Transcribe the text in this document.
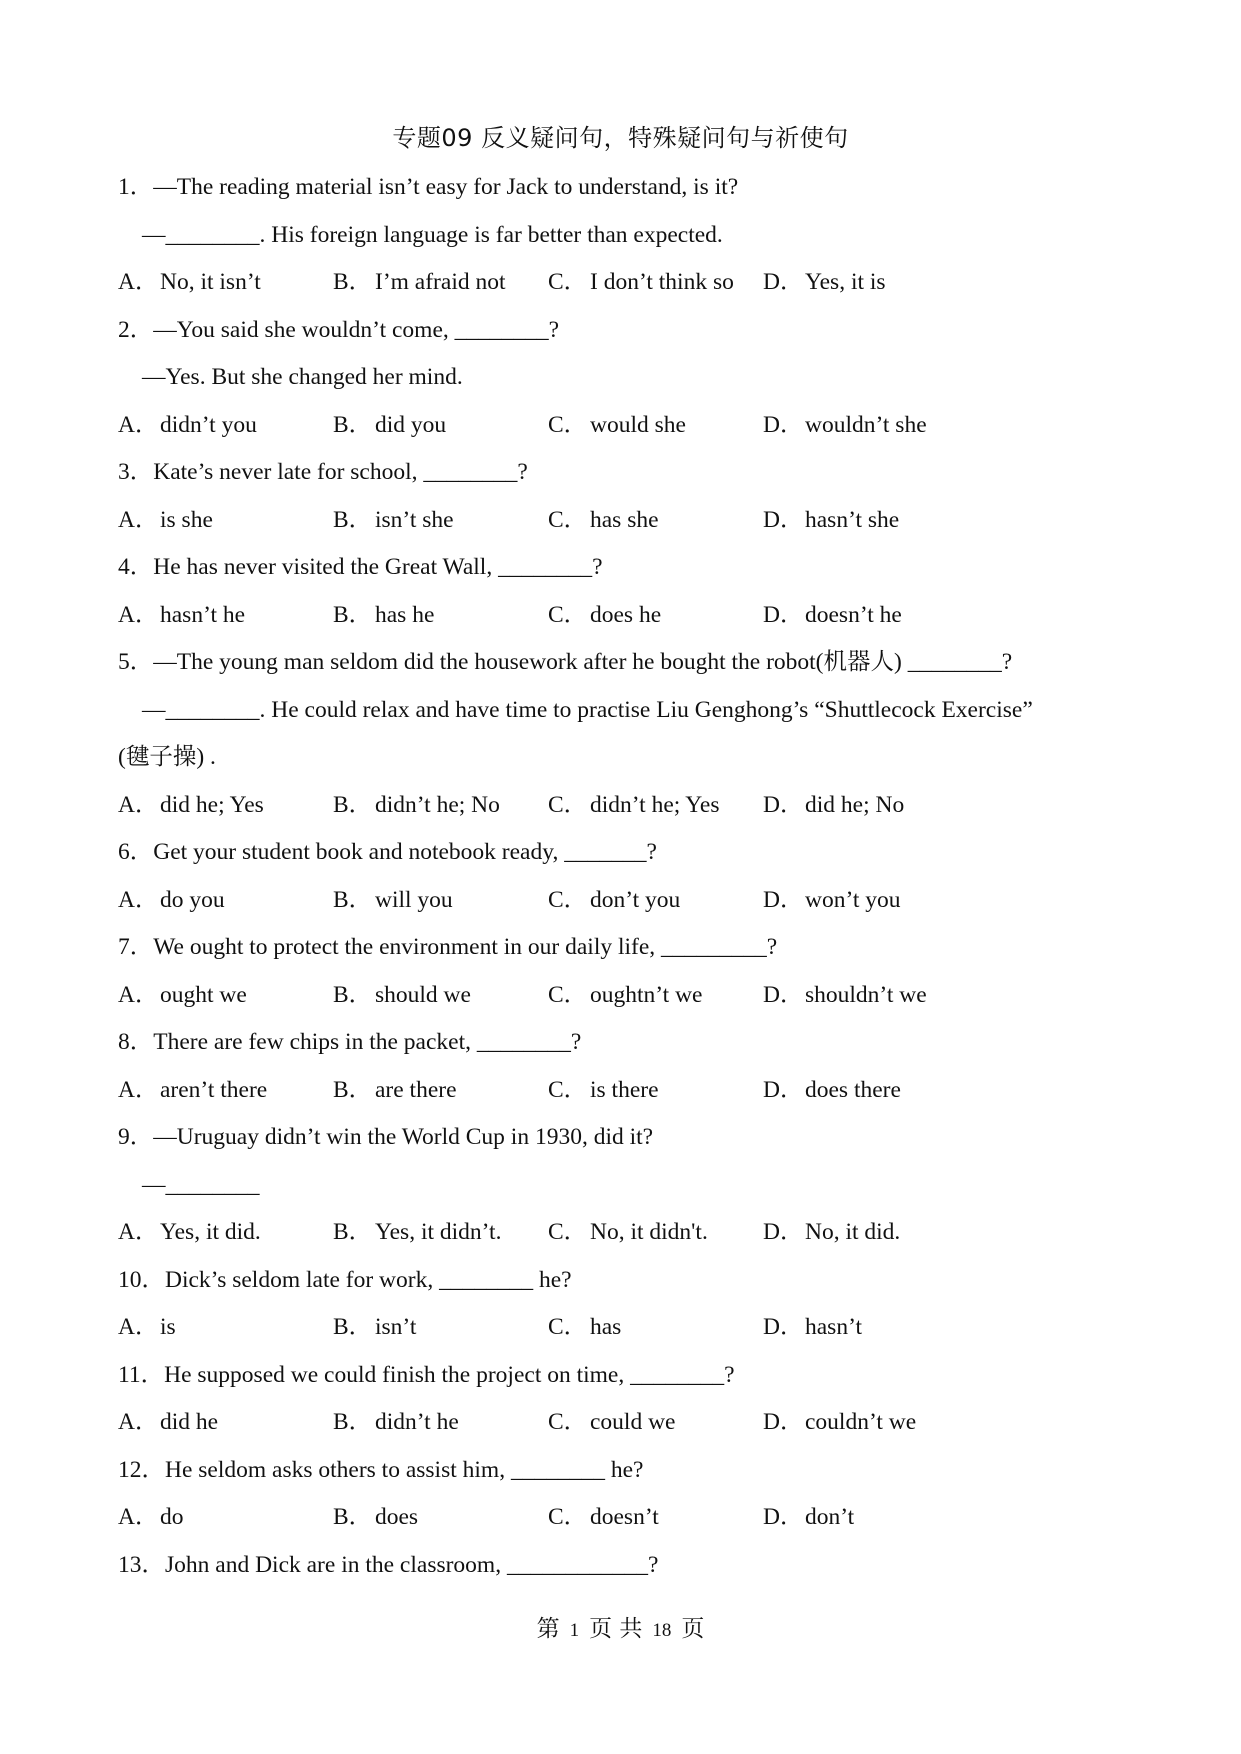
专题09 反义疑问句，特殊疑问句与祈使句
1．—The reading material isn’t easy for Jack to understand, is it?
—________. His foreign language is far better than expected.
A．No, it isn’t	B． I’m afraid not	C． I don’t think so	D．Yes, it is
2．—You said she wouldn’t come, ________?
—Yes. But she changed her mind.
A．didn’t you	B． did you	C． would she	D．wouldn’t she
3．Kate’s never late for school, ________?
A．is she	B． isn’t she	C． has she	D．hasn’t she
4．He has never visited the Great Wall, ________?
A．hasn’t he	B． has he	C． does he	D．doesn’t he
5．—The young man seldom did the housework after he bought the robot(机器人) ________?
—________. He could relax and have time to practise Liu Genghong’s “Shuttlecock Exercise”
(毽子操) .
A．did he; Yes	B． didn’t he; No	C． didn’t he; Yes	D．did he; No
6．Get your student book and notebook ready, _______?
A．do you	B． will you	C． don’t you	D．won’t you
7．We ought to protect the environment in our daily life, _________?
A．ought we	B． should we	C． oughtn’t we	D．shouldn’t we
8．There are few chips in the packet, ________?
A．aren’t there	B． are there	C． is there	D．does there
9．—Uruguay didn’t win the World Cup in 1930, did it?
—________
A．Yes, it did.	B． Yes, it didn’t.	C． No, it didn't.	D．No, it did.
10．Dick’s seldom late for work, ________ he?
A．is	B． isn’t	C． has	D．hasn’t
11．He supposed we could finish the project on time, ________?
A．did he	B． didn’t he	C． could we	D．couldn’t we
12．He seldom asks others to assist him, ________ he?
A．do	B． does	C． doesn’t	D．don’t
13．John and Dick are in the classroom, ____________?
第 1 页 共 18 页
